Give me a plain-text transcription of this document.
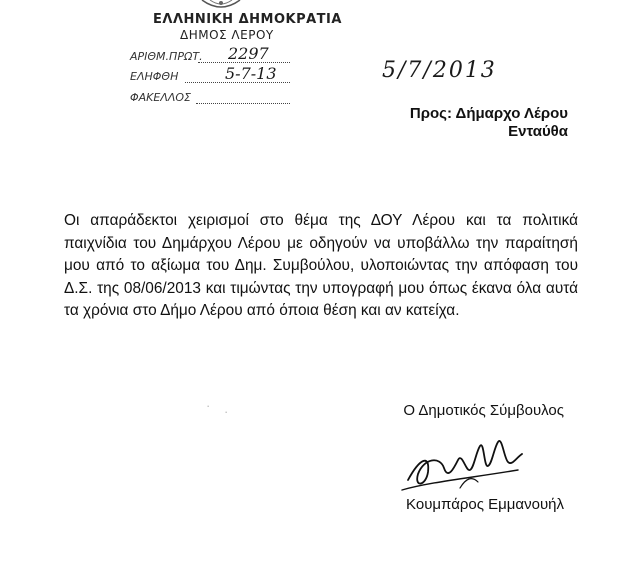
ΕΛΛΗΝΙΚΗ ΔΗΜΟΚΡΑΤΙΑ
ΔΗΜΟΣ ΛΕΡΟΥ
ΑΡΙΘΜ.ΠΡΩΤ. 2297
ΕΛΗΦΘΗ	5-7-13
ΦΑΚΕΛΛΟΣ
5/7/2013
Προς: Δήμαρχο Λέρου
Ενταύθα
Οι απαράδεκτοι χειρισμοί στο θέμα της ΔΟΥ Λέρου και τα πολιτικά παιχνίδια του Δημάρχου Λέρου με οδηγούν να υποβάλλω την παραίτησή μου από το αξίωμα του Δημ. Συμβούλου, υλοποιώντας την απόφαση του Δ.Σ. της 08/06/2013 και τιμώντας την υπογραφή μου όπως έκανα όλα αυτά τα χρόνια στο Δήμο Λέρου από όποια θέση και αν κατείχα.
· ·	Ο Δημοτικός Σύμβουλος
Κουμπάρος Εμμανουήλ
